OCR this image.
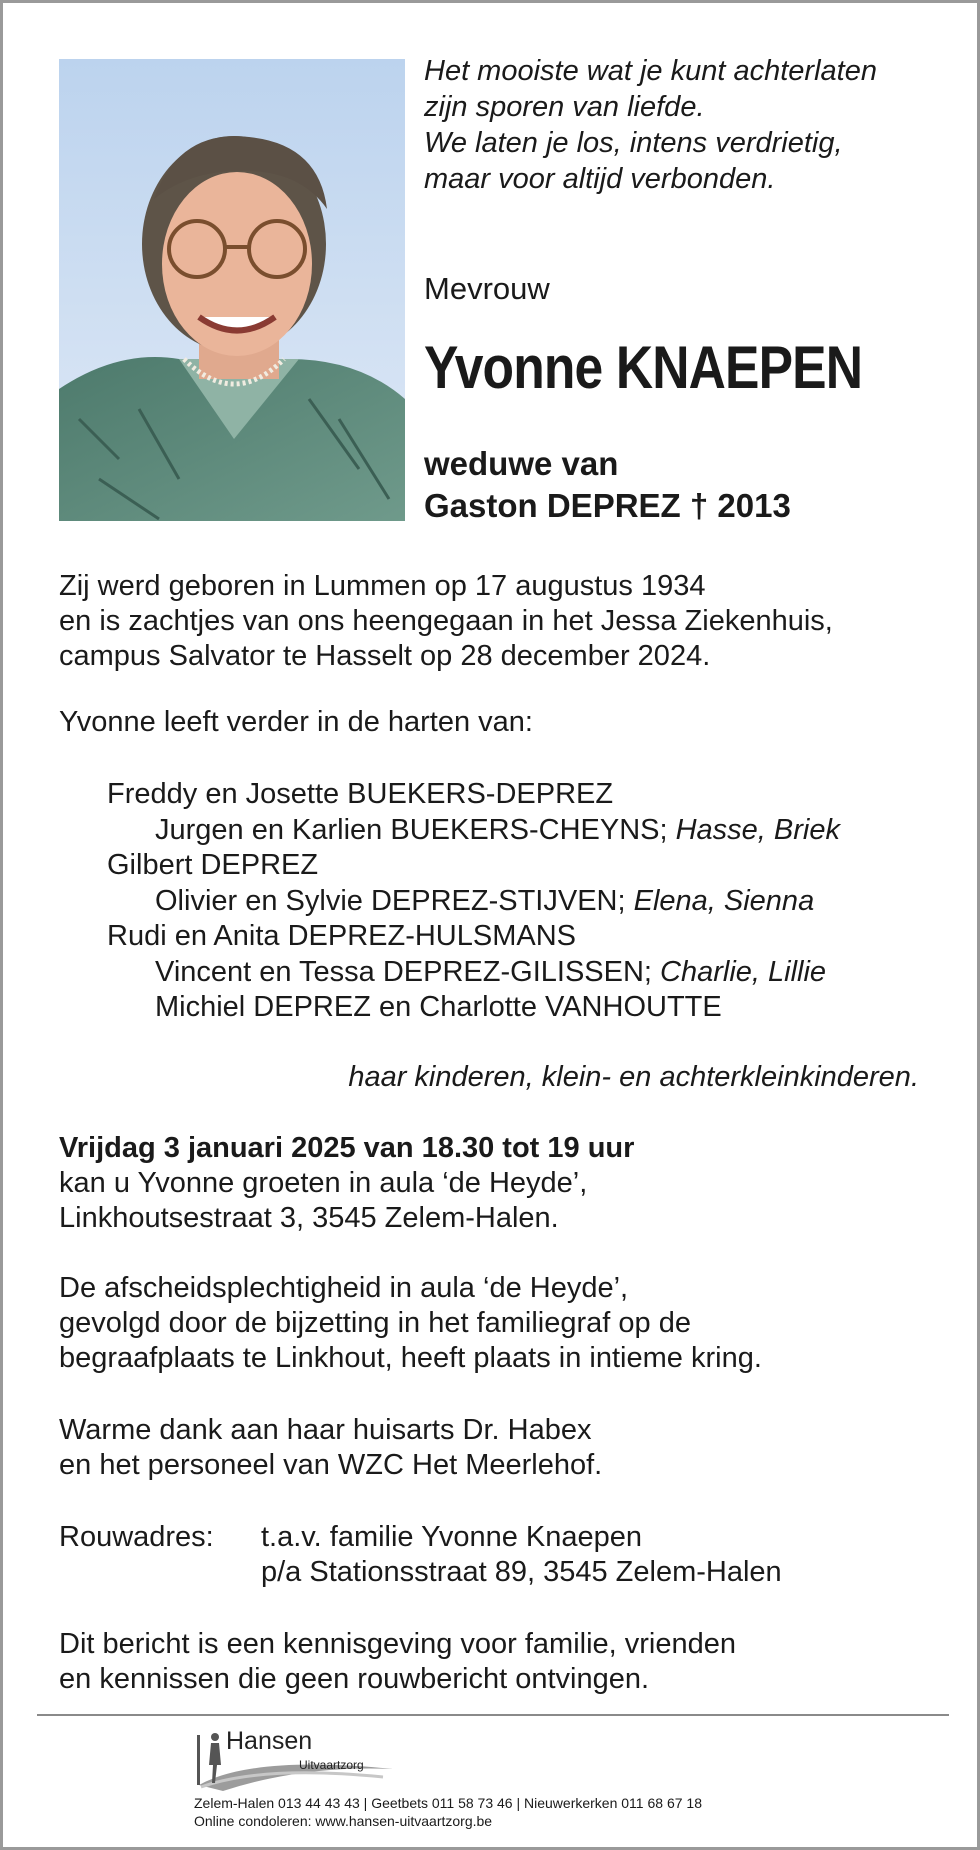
Het mooiste wat je kunt achterlaten
zijn sporen van liefde.
We laten je los, intens verdrietig,
maar voor altijd verbonden.
Mevrouw
Yvonne KNAEPEN
weduwe van
Gaston DEPREZ † 2013
Zij werd geboren in Lummen op 17 augustus 1934
en is zachtjes van ons heengegaan in het Jessa Ziekenhuis,
campus Salvator te Hasselt op 28 december 2024.
Yvonne leeft verder in de harten van:
Freddy en Josette BUEKERS-DEPREZ
Jurgen en Karlien BUEKERS-CHEYNS; Hasse, Briek
Gilbert DEPREZ
Olivier en Sylvie DEPREZ-STIJVEN; Elena, Sienna
Rudi en Anita DEPREZ-HULSMANS
Vincent en Tessa DEPREZ-GILISSEN; Charlie, Lillie
Michiel DEPREZ en Charlotte VANHOUTTE
haar kinderen, klein- en achterkleinkinderen.
Vrijdag 3 januari 2025 van 18.30 tot 19 uur
kan u Yvonne groeten in aula ‘de Heyde’,
Linkhoutsestraat 3, 3545 Zelem-Halen.
De afscheidsplechtigheid in aula ‘de Heyde’,
gevolgd door de bijzetting in het familiegraf op de
begraafplaats te Linkhout, heeft plaats in intieme kring.
Warme dank aan haar huisarts Dr. Habex
en het personeel van WZC Het Meerlehof.
Rouwadres: t.a.v. familie Yvonne Knaepen
p/a Stationsstraat 89, 3545 Zelem-Halen
Dit bericht is een kennisgeving voor familie, vrienden
en kennissen die geen rouwbericht ontvingen.
Hansen
Uitvaartzorg
Zelem-Halen 013 44 43 43 | Geetbets 011 58 73 46 | Nieuwerkerken 011 68 67 18
Online condoleren: www.hansen-uitvaartzorg.be
